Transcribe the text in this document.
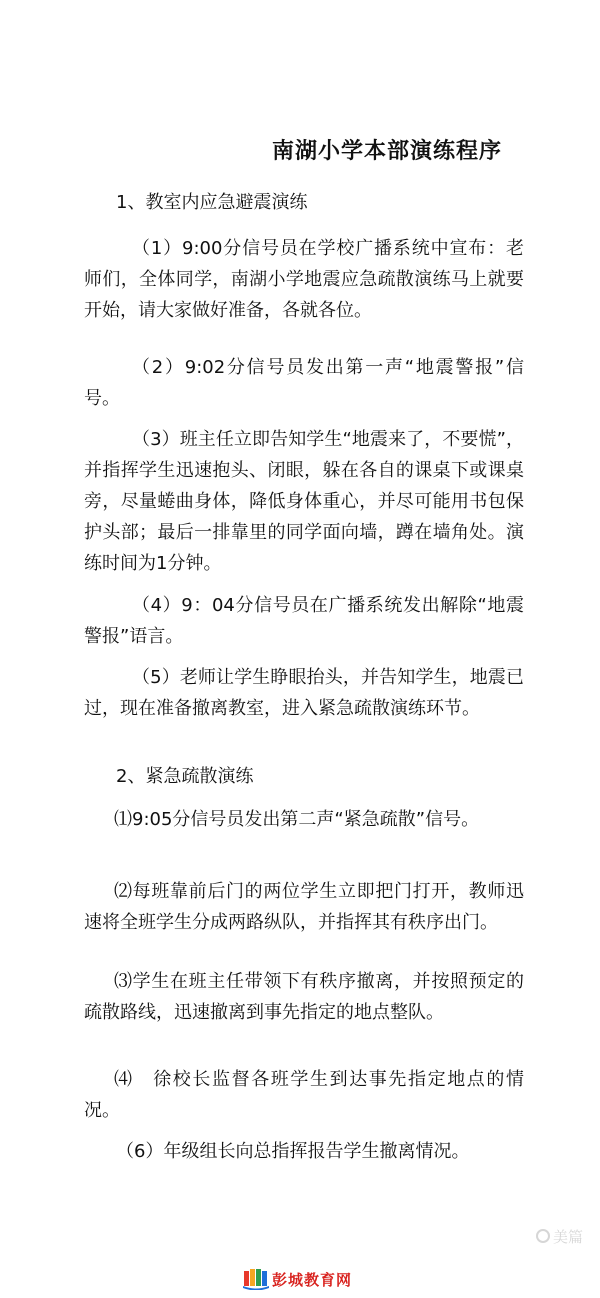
南湖小学本部演练程序
1、教室内应急避震演练

（1）9:00分信号员在学校广播系统中宣布：老师们，全体同学，南湖小学地震应急疏散演练马上就要开始，请大家做好准备，各就各位。

（2）9:02分信号员发出第一声“地震警报”信号。

（3）班主任立即告知学生“地震来了，不要慌”，并指挥学生迅速抱头、闭眼，躲在各自的课桌下或课桌旁，尽量蜷曲身体，降低身体重心，并尽可能用书包保护头部；最后一排靠里的同学面向墙，蹲在墙角处。演练时间为1分钟。

（4）9：04分信号员在广播系统发出解除“地震警报”语言。

（5）老师让学生睁眼抬头，并告知学生，地震已过，现在准备撤离教室，进入紧急疏散演练环节。

2、紧急疏散演练

⑴9:05分信号员发出第二声“紧急疏散”信号。

⑵每班靠前后门的两位学生立即把门打开，教师迅速将全班学生分成两路纵队，并指挥其有秩序出门。

⑶学生在班主任带领下有秩序撤离，并按照预定的疏散路线，迅速撤离到事先指定的地点整队。

⑷　徐校长监督各班学生到达事先指定地点的情况。

（6）年级组长向总指挥报告学生撤离情况。

美篇
彭城教育网
